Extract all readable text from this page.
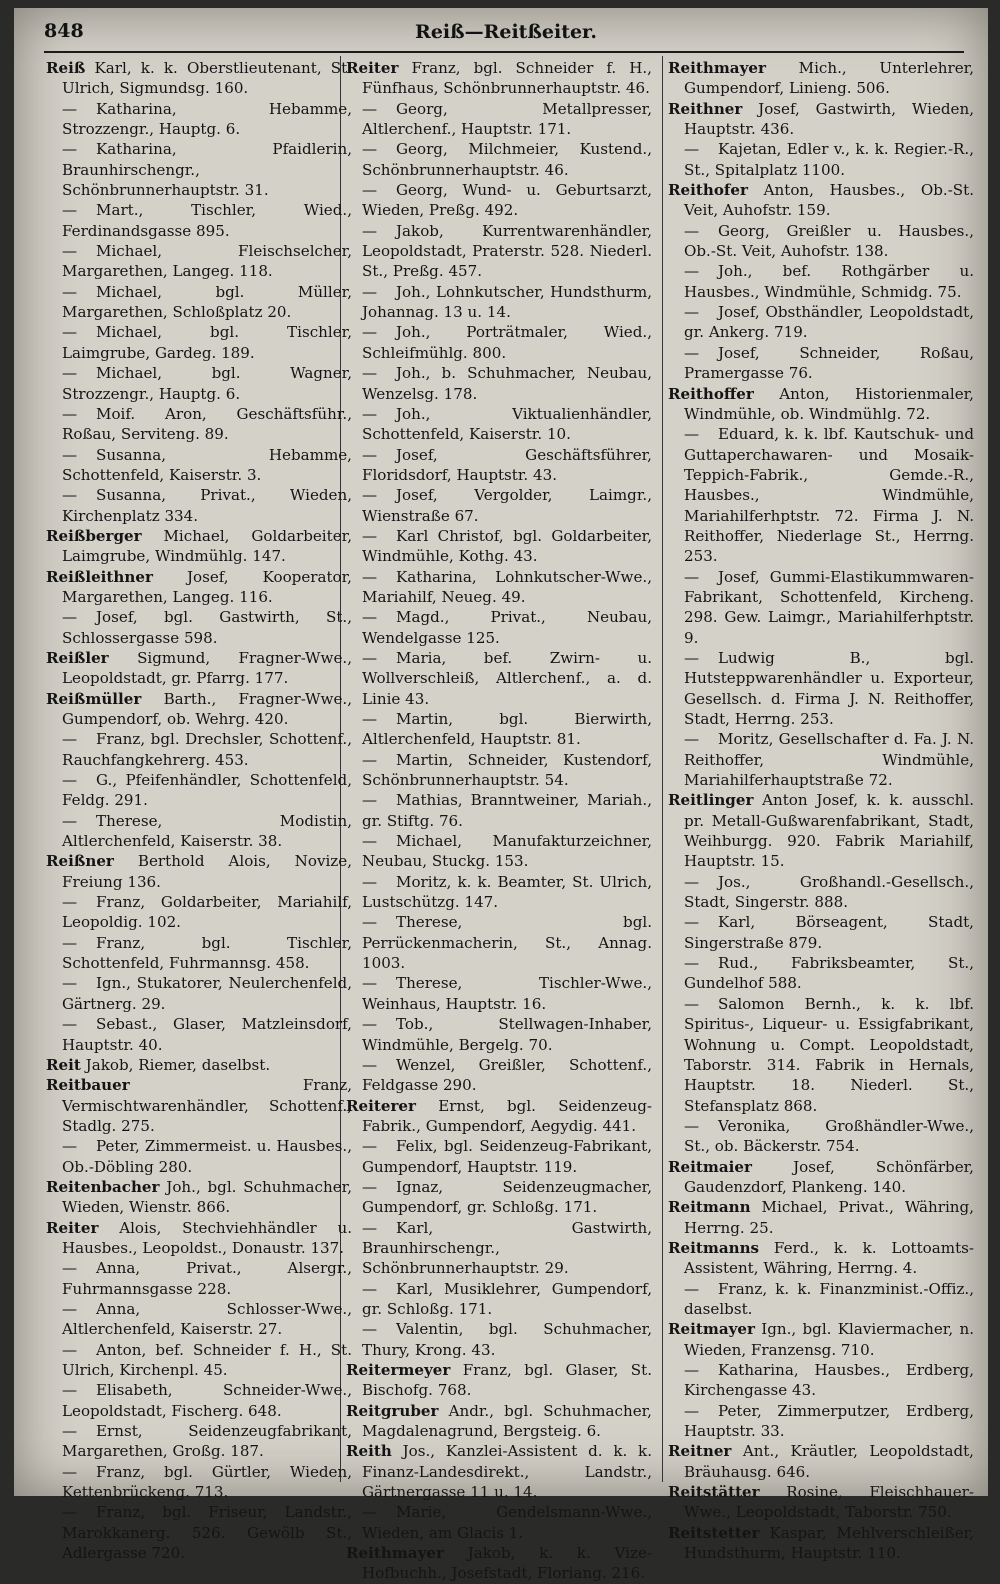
848	Reiß—Reitßeiter.

Reiß Karl, k. k. Oberstlieutenant, St. Ulrich, Sigmundsg. 160.

— Katharina, Hebamme, Strozzengr., Hauptg. 6.

— Katharina, Pfaidlerin, Braunhirschengr., Schönbrunnerhauptstr. 31.

— Mart., Tischler, Wied., Ferdinandsgasse 895.

— Michael, Fleischselcher, Margarethen, Langeg. 118.

— Michael, bgl. Müller, Margarethen, Schloßplatz 20.

— Michael, bgl. Tischler, Laimgrube, Gardeg. 189.

— Michael, bgl. Wagner, Strozzengr., Hauptg. 6.

— Moif. Aron, Geschäftsführ., Roßau, Serviteng. 89.

— Susanna, Hebamme, Schottenfeld, Kaiserstr. 3.

— Susanna, Privat., Wieden, Kirchenplatz 334.

Reißberger Michael, Goldarbeiter, Laimgrube, Windmühlg. 147.

Reißleithner Josef, Kooperator, Margarethen, Langeg. 116.

— Josef, bgl. Gastwirth, St., Schlossergasse 598.

Reißler Sigmund, Fragner-Wwe., Leopoldstadt, gr. Pfarrg. 177.

Reißmüller Barth., Fragner-Wwe., Gumpendorf, ob. Wehrg. 420.

— Franz, bgl. Drechsler, Schottenf., Rauchfangkehrerg. 453.

— G., Pfeifenhändler, Schottenfeld, Feldg. 291.

— Therese, Modistin, Altlerchenfeld, Kaiserstr. 38.

Reißner Berthold Alois, Novize, Freiung 136.

— Franz, Goldarbeiter, Mariahilf, Leopoldig. 102.

— Franz, bgl. Tischler, Schottenfeld, Fuhrmannsg. 458.

— Ign., Stukatorer, Neulerchenfeld, Gärtnerg. 29.

— Sebast., Glaser, Matzleinsdorf, Hauptstr. 40.

Reit Jakob, Riemer, daselbst.

Reitbauer	Franz, Vermischtwarenhändler, Schottenf., Stadlg. 275.

— Peter, Zimmermeist. u. Hausbes., Ob.-Döbling 280.

Reitenbacher Joh., bgl. Schuhmacher, Wieden, Wienstr. 866.

Reiter Alois, Stechviehhändler u. Hausbes., Leopoldst., Donaustr. 137.

— Anna, Privat., Alsergr., Fuhrmannsgasse 228.

— Anna, Schlosser-Wwe., Altlerchenfeld, Kaiserstr. 27.

— Anton, bef. Schneider f. H., St. Ulrich, Kirchenpl. 45.

— Elisabeth, Schneider-Wwe., Leopoldstadt, Fischerg. 648.

— Ernst, Seidenzeugfabrikant, Margarethen, Großg. 187.

— Franz, bgl. Gürtler, Wieden, Kettenbrückeng. 713.

— Franz, bgl. Friseur, Landstr., Marokkanerg. 526. Gewölb St., Adlergasse 720.

Reiter Franz, bgl. Schneider f. H., Fünfhaus, Schönbrunnerhauptstr. 46.

— Georg, Metallpresser, Altlerchenf., Hauptstr. 171.

— Georg, Milchmeier, Kustend., Schönbrunnerhauptstr. 46.

— Georg, Wund- u. Geburtsarzt, Wieden, Preßg. 492.

— Jakob, Kurrentwarenhändler, Leopoldstadt, Praterstr. 528. Niederl. St., Preßg. 457.

— Joh., Lohnkutscher, Hundsthurm, Johannag. 13 u. 14.

— Joh., Porträtmaler, Wied., Schleifmühlg. 800.

— Joh., b. Schuhmacher, Neubau, Wenzelsg. 178.

— Joh., Viktualienhändler, Schottenfeld, Kaiserstr. 10.

— Josef, Geschäftsführer, Floridsdorf, Hauptstr. 43.

— Josef, Vergolder, Laimgr., Wienstraße 67.

— Karl Christof, bgl. Goldarbeiter, Windmühle, Kothg. 43.

— Katharina, Lohnkutscher-Wwe., Mariahilf, Neueg. 49.

— Magd., Privat., Neubau, Wendelgasse 125.

— Maria, bef. Zwirn- u. Wollverschleiß, Altlerchenf., a. d. Linie 43.

— Martin, bgl. Bierwirth, Altlerchenfeld, Hauptstr. 81.

— Martin, Schneider, Kustendorf, Schönbrunnerhauptstr. 54.

— Mathias, Branntweiner, Mariah., gr. Stiftg. 76.

— Michael, Manufakturzeichner, Neubau, Stuckg. 153.

— Moritz, k. k. Beamter, St. Ulrich, Lustschützg. 147.

— Therese, bgl. Perrückenmacherin, St., Annag. 1003.

— Therese, Tischler-Wwe., Weinhaus, Hauptstr. 16.

— Tob., Stellwagen-Inhaber, Windmühle, Bergelg. 70.

— Wenzel, Greißler, Schottenf., Feldgasse 290.

Reiterer Ernst, bgl. Seidenzeug-Fabrik., Gumpendorf, Aegydig. 441.

— Felix, bgl. Seidenzeug-Fabrikant, Gumpendorf, Hauptstr. 119.

— Ignaz, Seidenzeugmacher, Gumpendorf, gr. Schloßg. 171.

— Karl, Gastwirth, Braunhirschengr., Schönbrunnerhauptstr. 29.

— Karl, Musiklehrer, Gumpendorf, gr. Schloßg. 171.

— Valentin, bgl. Schuhmacher, Thury, Krong. 43.

Reitermeyer Franz, bgl. Glaser, St. Bischofg. 768.

Reitgruber Andr., bgl. Schuhmacher, Magdalenagrund, Bergsteig. 6.

Reith Jos., Kanzlei-Assistent d. k. k. Finanz-Landesdirekt., Landstr., Gärtnergasse 11 u. 14.

— Marie, Gendelsmann-Wwe., Wieden, am Glacis 1.

Reithmayer Jakob, k. k. Vize-Hofbuchh., Josefstadt, Floriang. 216.

Reithmayer Mich., Unterlehrer, Gumpendorf, Linieng. 506.

Reithner Josef, Gastwirth, Wieden, Hauptstr. 436.

— Kajetan, Edler v., k. k. Regier.-R., St., Spitalplatz 1100.

Reithofer Anton, Hausbes., Ob.-St. Veit, Auhofstr. 159.

— Georg, Greißler u. Hausbes., Ob.-St. Veit, Auhofstr. 138.

— Joh., bef. Rothgärber u. Hausbes., Windmühle, Schmidg. 75.

— Josef, Obsthändler, Leopoldstadt, gr. Ankerg. 719.

— Josef, Schneider, Roßau, Pramergasse 76.

Reithoffer Anton, Historienmaler, Windmühle, ob. Windmühlg. 72.

— Eduard, k. k. lbf. Kautschuk- und Guttaperchawaren- und Mosaik-Teppich-Fabrik., Gemde.-R., Hausbes., Windmühle, Mariahilferhptstr. 72. Firma J. N. Reithoffer, Niederlage St., Herrng. 253.

— Josef, Gummi-Elastikummwaren-Fabrikant, Schottenfeld, Kircheng. 298. Gew. Laimgr., Mariahilferhptstr. 9.

— Ludwig B., bgl. Hutsteppwarenhändler u. Exporteur, Gesellsch. d. Firma J. N. Reithoffer, Stadt, Herrng. 253.

— Moritz, Gesellschafter d. Fa. J. N. Reithoffer, Windmühle, Mariahilferhauptstraße 72.

Reitlinger Anton Josef, k. k. ausschl. pr. Metall-Gußwarenfabrikant, Stadt, Weihburgg. 920. Fabrik Mariahilf, Hauptstr. 15.

— Jos., Großhandl.-Gesellsch., Stadt, Singerstr. 888.

— Karl, Börseagent, Stadt, Singerstraße 879.

— Rud., Fabriksbeamter, St., Gundelhof 588.

— Salomon Bernh., k. k. lbf. Spiritus-, Liqueur- u. Essigfabrikant, Wohnung u. Compt. Leopoldstadt, Taborstr. 314. Fabrik in Hernals, Hauptstr. 18. Niederl. St., Stefansplatz 868.

— Veronika, Großhändler-Wwe., St., ob. Bäckerstr. 754.

Reitmaier	Josef, Schönfärber, Gaudenzdorf, Plankeng. 140.

Reitmann Michael, Privat., Währing, Herrng. 25.

Reitmanns Ferd., k. k. Lottoamts-Assistent, Währing, Herrng. 4.

— Franz, k. k. Finanzminist.-Offiz., daselbst.

Reitmayer Ign., bgl. Klaviermacher, n. Wieden, Franzensg. 710.

— Katharina, Hausbes., Erdberg, Kirchengasse 43.

— Peter, Zimmerputzer, Erdberg, Hauptstr. 33.

Reitner Ant., Kräutler, Leopoldstadt, Bräuhausg. 646.

Reitstätter Rosine, Fleischhauer-Wwe., Leopoldstadt, Taborstr. 750.

Reitstetter Kaspar, Mehlverschleißer, Hundsthurm, Hauptstr. 110.
